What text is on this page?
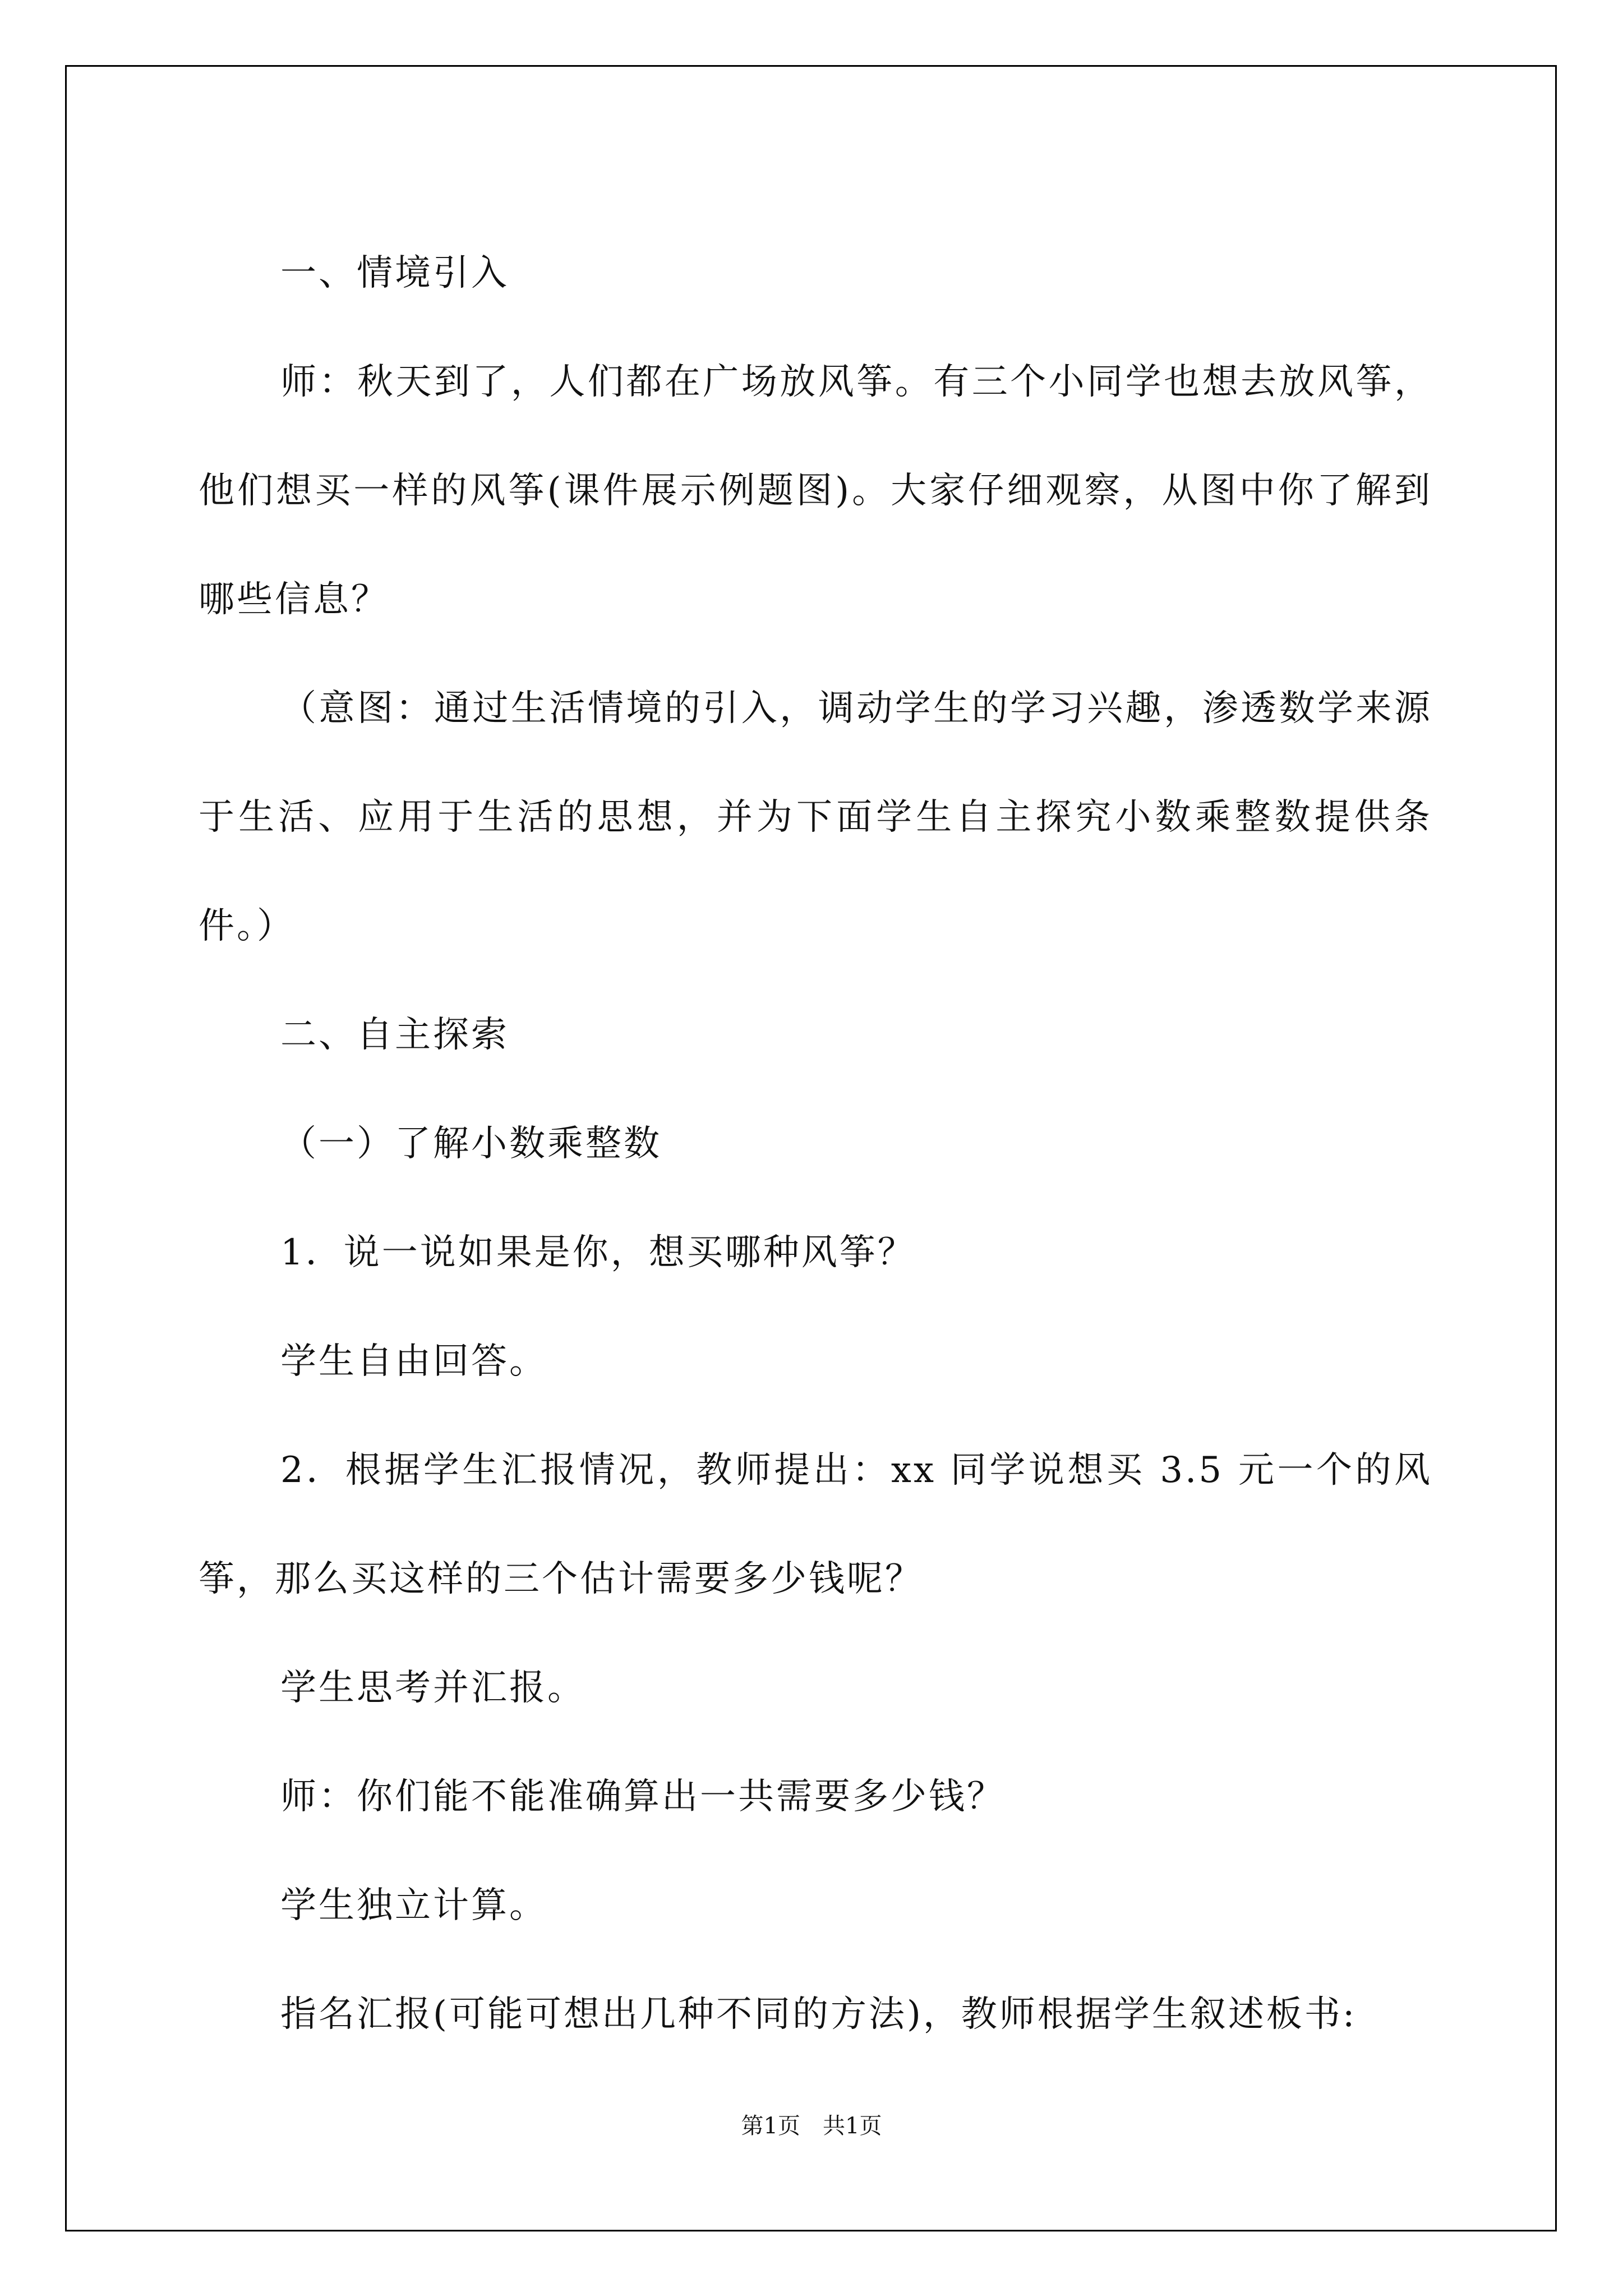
一、情境引入

师：秋天到了，人们都在广场放风筝。有三个小同学也想去放风筝，他们想买一样的风筝(课件展示例题图)。大家仔细观察，从图中你了解到哪些信息？

（意图：通过生活情境的引入，调动学生的学习兴趣，渗透数学来源于生活、应用于生活的思想，并为下面学生自主探究小数乘整数提供条件。）

二、自主探索

（一）了解小数乘整数

1．说一说如果是你，想买哪种风筝？

学生自由回答。

2．根据学生汇报情况，教师提出：xx 同学说想买 3.5 元一个的风筝，那么买这样的三个估计需要多少钱呢？

学生思考并汇报。

师：你们能不能准确算出一共需要多少钱？

学生独立计算。

指名汇报(可能可想出几种不同的方法)，教师根据学生叙述板书:

第1页　共1页
